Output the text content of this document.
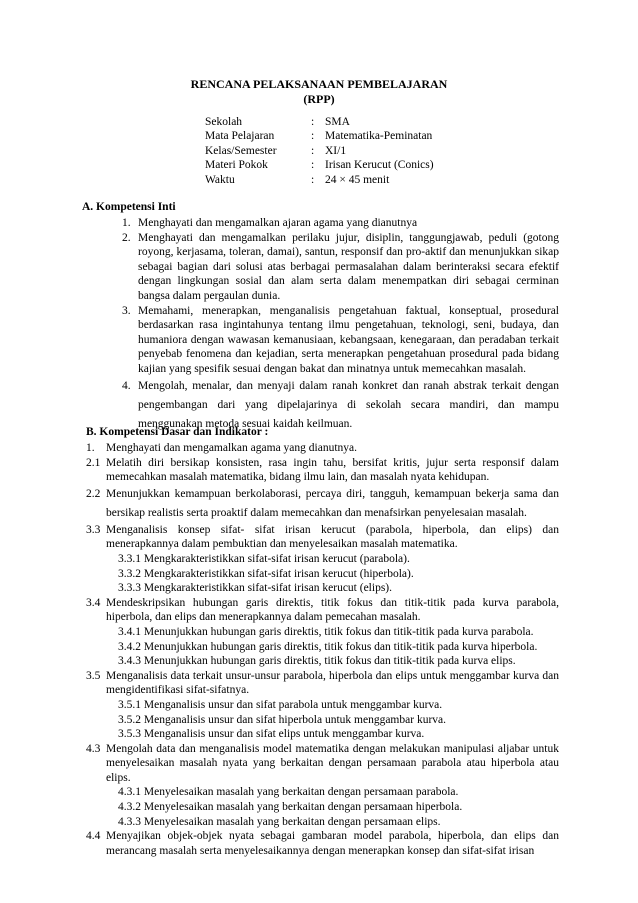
RENCANA PELAKSANAAN PEMBELAJARAN
(RPP)
Sekolah	: SMA
Mata Pelajaran	: Matematika-Peminatan
Kelas/Semester	: XI/1
Materi Pokok	: Irisan Kerucut (Conics)
Waktu	: 24 × 45 menit
A. Kompetensi Inti
1. Menghayati dan mengamalkan ajaran agama yang dianutnya
2. Menghayati dan mengamalkan perilaku jujur, disiplin, tanggungjawab, peduli (gotong royong, kerjasama, toleran, damai), santun, responsif dan pro-aktif dan menunjukkan sikap sebagai bagian dari solusi atas berbagai permasalahan dalam berinteraksi secara efektif dengan lingkungan sosial dan alam serta dalam menempatkan diri sebagai cerminan bangsa dalam pergaulan dunia.
3. Memahami, menerapkan, menganalisis pengetahuan faktual, konseptual, prosedural berdasarkan rasa ingintahunya tentang ilmu pengetahuan, teknologi, seni, budaya, dan humaniora dengan wawasan kemanusiaan, kebangsaan, kenegaraan, dan peradaban terkait penyebab fenomena dan kejadian, serta menerapkan pengetahuan prosedural pada bidang kajian yang spesifik sesuai dengan bakat dan minatnya untuk memecahkan masalah.
4. Mengolah, menalar, dan menyaji dalam ranah konkret dan ranah abstrak terkait dengan pengembangan dari yang dipelajarinya di sekolah secara mandiri, dan mampu menggunakan metoda sesuai kaidah keilmuan.
B. Kompetensi Dasar dan Indikator :
1. Menghayati dan mengamalkan agama yang dianutnya.
2.1 Melatih diri bersikap konsisten, rasa ingin tahu, bersifat kritis, jujur serta responsif dalam memecahkan masalah matematika, bidang ilmu lain, dan masalah nyata kehidupan.
2.2 Menunjukkan kemampuan berkolaborasi, percaya diri, tangguh, kemampuan bekerja sama dan bersikap realistis serta proaktif dalam memecahkan dan menafsirkan penyelesaian masalah.
3.3 Menganalisis konsep sifat- sifat irisan kerucut (parabola, hiperbola, dan elips) dan menerapkannya dalam pembuktian dan menyelesaikan masalah matematika.
3.3.1 Mengkarakteristikkan sifat-sifat irisan kerucut (parabola).
3.3.2 Mengkarakteristikkan sifat-sifat irisan kerucut (hiperbola).
3.3.3 Mengkarakteristikkan sifat-sifat irisan kerucut (elips).
3.4 Mendeskripsikan hubungan garis direktis, titik fokus dan titik-titik pada kurva parabola, hiperbola, dan elips dan menerapkannya dalam pemecahan masalah.
3.4.1 Menunjukkan hubungan garis direktis, titik fokus dan titik-titik pada kurva parabola.
3.4.2 Menunjukkan hubungan garis direktis, titik fokus dan titik-titik pada kurva hiperbola.
3.4.3 Menunjukkan hubungan garis direktis, titik fokus dan titik-titik pada kurva elips.
3.5 Menganalisis data terkait unsur-unsur parabola, hiperbola dan elips untuk menggambar kurva dan mengidentifikasi sifat-sifatnya.
3.5.1 Menganalisis unsur dan sifat parabola untuk menggambar kurva.
3.5.2 Menganalisis unsur dan sifat hiperbola untuk menggambar kurva.
3.5.3 Menganalisis unsur dan sifat elips untuk menggambar kurva.
4.3 Mengolah data dan menganalisis model matematika dengan melakukan manipulasi aljabar untuk menyelesaikan masalah nyata yang berkaitan dengan persamaan parabola atau hiperbola atau elips.
4.3.1 Menyelesaikan masalah yang berkaitan dengan persamaan parabola.
4.3.2 Menyelesaikan masalah yang berkaitan dengan persamaan hiperbola.
4.3.3 Menyelesaikan masalah yang berkaitan dengan persamaan elips.
4.4 Menyajikan objek-objek nyata sebagai gambaran model parabola, hiperbola, dan elips dan merancang masalah serta menyelesaikannya dengan menerapkan konsep dan sifat-sifat irisan
